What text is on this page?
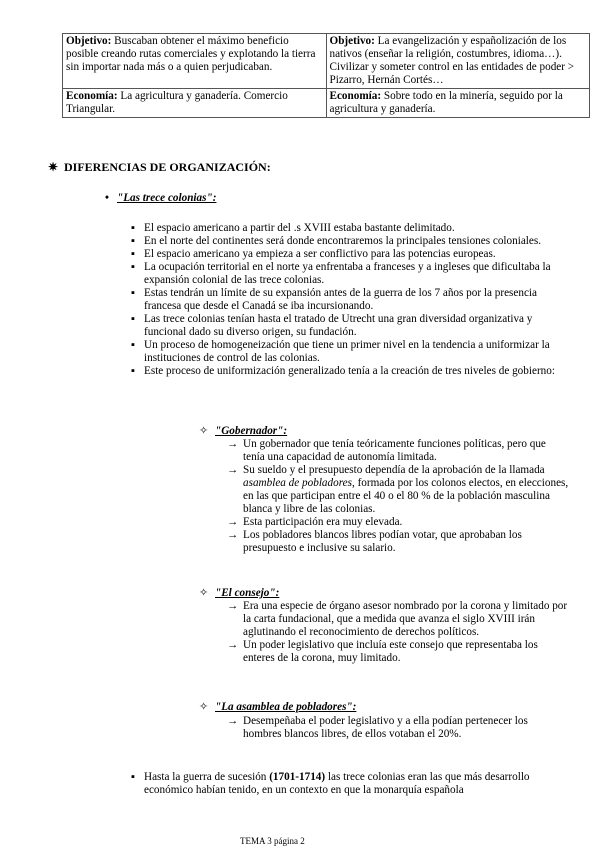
Objetivo: Buscaban obtener el máximo beneficio posible creando rutas comerciales y explotando la tierra sin importar nada más o a quien perjudicaban.	Objetivo: La evangelización y españolización de los nativos (enseñar la religión, costumbres, idioma…). Civilizar y someter control en las entidades de poder > Pizarro, Hernán Cortés…
Economía: La agricultura y ganadería. Comercio Triangular.	Economía: Sobre todo en la minería, seguido por la agricultura y ganadería.
✷ DIFERENCIAS DE ORGANIZACIÓN:
• "Las trece colonias":
▪ El espacio americano a partir del .s XVIII estaba bastante delimitado.
▪ En el norte del continentes será donde encontraremos la principales tensiones coloniales.
▪ El espacio americano ya empieza a ser conflictivo para las potencias europeas.
▪ La ocupación territorial en el norte ya enfrentaba a franceses y a ingleses que dificultaba la expansión colonial de las trece colonias.
▪ Estas tendrán un límite de su expansión antes de la guerra de los 7 años por la presencia francesa que desde el Canadá se iba incursionando.
▪ Las trece colonias tenían hasta el tratado de Utrecht una gran diversidad organizativa y funcional dado su diverso origen, su fundación.
▪ Un proceso de homogeneización que tiene un primer nivel en la tendencia a uniformizar la instituciones de control de las colonias.
▪ Este proceso de uniformización generalizado tenía a la creación de tres niveles de gobierno:
✧ "Gobernador":
→ Un gobernador que tenía teóricamente funciones políticas, pero que tenía una capacidad de autonomía limitada.
→ Su sueldo y el presupuesto dependía de la aprobación de la llamada asamblea de pobladores, formada por los colonos electos, en elecciones, en las que participan entre el 40 o el 80 % de la población masculina blanca y libre de las colonias.
→ Esta participación era muy elevada.
→ Los pobladores blancos libres podían votar, que aprobaban los presupuesto e inclusive su salario.
✧ "El consejo":
→ Era una especie de órgano asesor nombrado por la corona y limitado por la carta fundacional, que a medida que avanza el siglo XVIII irán aglutinando el reconocimiento de derechos políticos.
→ Un poder legislativo que incluía este consejo que representaba los enteres de la corona, muy limitado.
✧ "La asamblea de pobladores":
→ Desempeñaba el poder legislativo y a ella podían pertenecer los hombres blancos libres, de ellos votaban el 20%.
▪ Hasta la guerra de sucesión (1701-1714) las trece colonias eran las que más desarrollo económico habían tenido, en un contexto en que la monarquía española
TEMA 3 página 2
